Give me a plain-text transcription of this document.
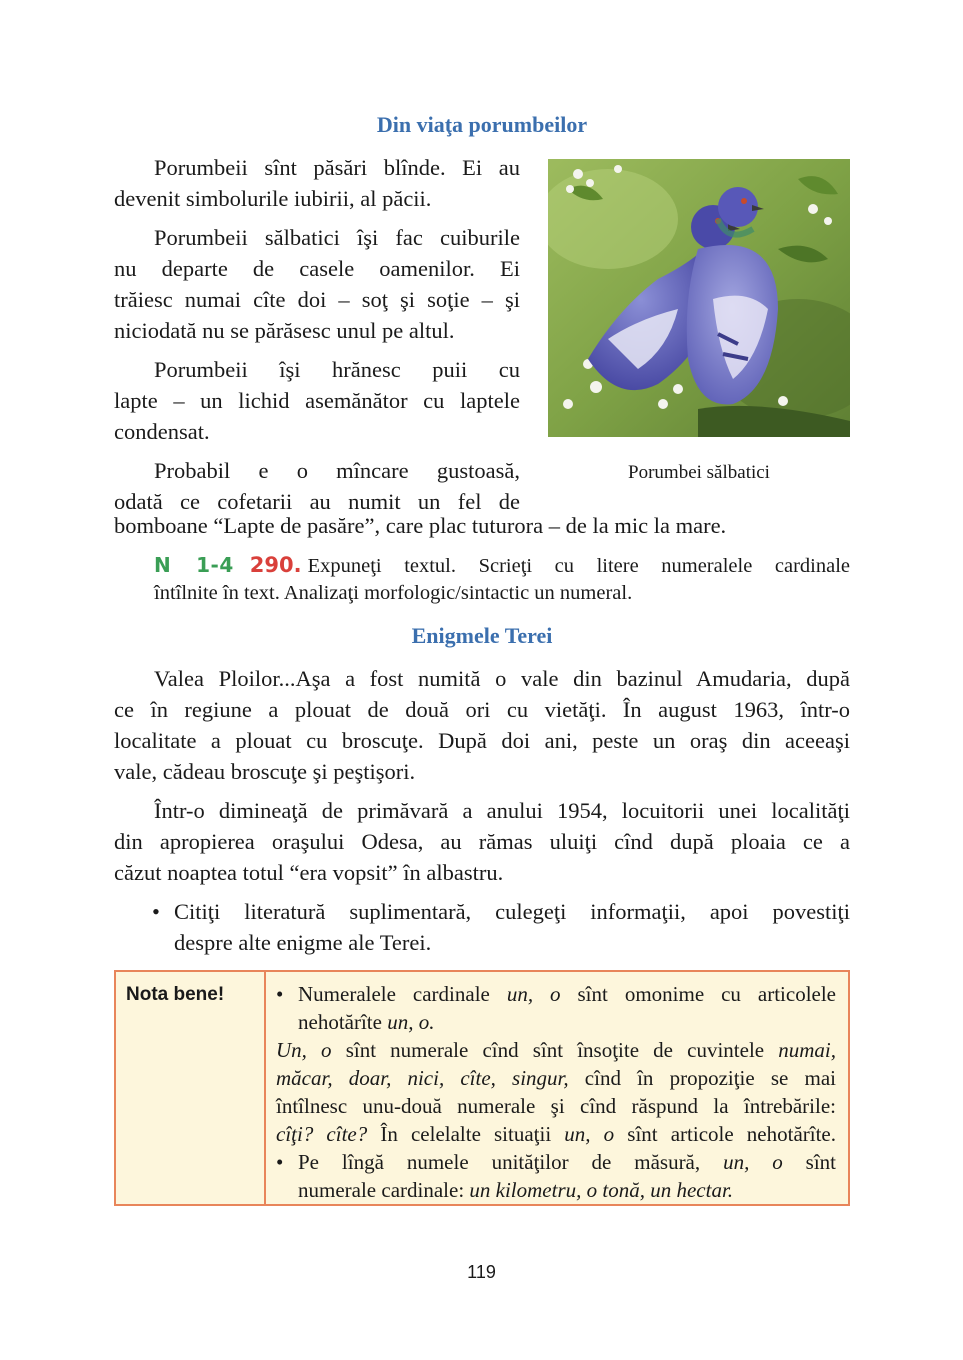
Din viaţa porumbeilor
Porumbeii sînt păsări blînde. Ei au
devenit simbolurile iubirii, al păcii.
Porumbeii sălbatici îşi fac cuiburile
nu departe de casele oamenilor. Ei
trăiesc numai cîte doi – soţ şi soţie – şi
niciodată nu se părăsesc unul pe altul.
Porumbeii îşi hrănesc puii cu
lapte – un lichid asemănător cu laptele
condensat.
Probabil e o mîncare gustoasă,
odată ce cofetarii au numit un fel de
bomboane “Lapte de pasăre”, care plac tuturora – de la mic la mare.
Porumbei sălbatici
N 1-4 290. Expuneţi textul. Scrieţi cu litere numeralele cardinale
întîlnite în text. Analizaţi morfologic/sintactic un numeral.
Enigmele Terei
Valea Ploilor...Aşa a fost numită o vale din bazinul Amudaria, după
ce în regiune a plouat de două ori cu vietăţi. În august 1963, într-o
localitate a plouat cu broscuţe. După doi ani, peste un oraş din aceeaşi
vale, cădeau broscuţe şi peştişori.
Într-o dimineaţă de primăvară a anului 1954, locuitorii unei localităţi
din apropierea oraşului Odesa, au rămas uluiţi cînd după ploaia ce a
căzut noaptea totul “era vopsit” în albastru.
• Citiţi literatură suplimentară, culegeţi informaţii, apoi povestiţi
despre alte enigme ale Terei.
Nota bene!	• Numeralele cardinale un, o sînt omonime cu articolele
nehotărîte un, o.
Un, o sînt numerale cînd sînt însoţite de cuvintele numai,
măcar, doar, nici, cîte, singur, cînd în propoziţie se mai
întîlnesc unu-două numerale şi cînd răspund la întrebările:
cîţi? cîte? În celelalte situaţii un, o sînt articole nehotărîte.
• Pe lîngă numele unităţilor de măsură, un, o sînt
numerale cardinale: un kilometru, o tonă, un hectar.
119
